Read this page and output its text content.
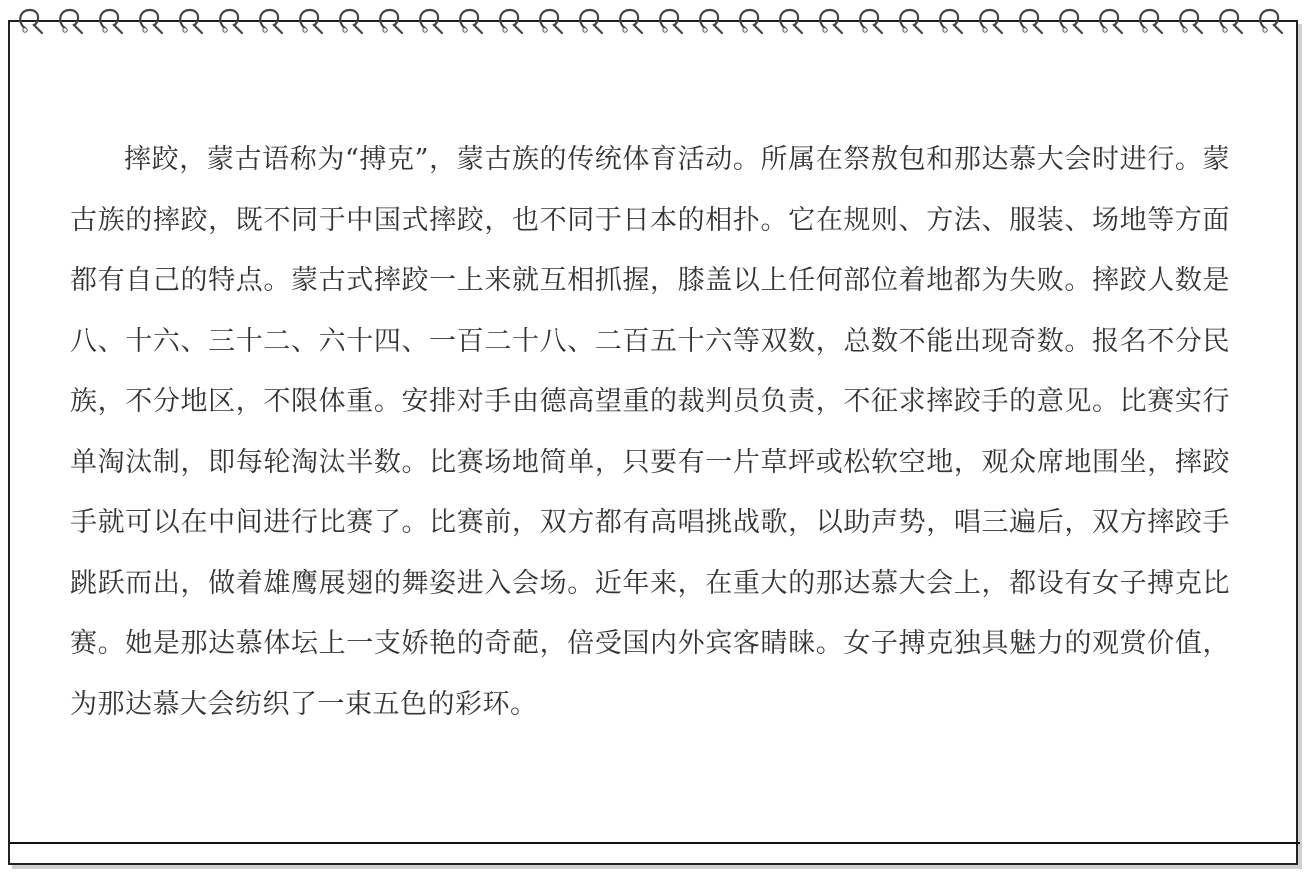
摔跤，蒙古语称为“搏克”，蒙古族的传统体育活动。所属在祭敖包和那达慕大会时进行。蒙古族的摔跤，既不同于中国式摔跤，也不同于日本的相扑。它在规则、方法、服装、场地等方面都有自己的特点。蒙古式摔跤一上来就互相抓握，膝盖以上任何部位着地都为失败。摔跤人数是八、十六、三十二、六十四、一百二十八、二百五十六等双数，总数不能出现奇数。报名不分民族，不分地区，不限体重。安排对手由德高望重的裁判员负责，不征求摔跤手的意见。比赛实行单淘汰制，即每轮淘汰半数。比赛场地简单，只要有一片草坪或松软空地，观众席地围坐，摔跤手就可以在中间进行比赛了。比赛前，双方都有高唱挑战歌，以助声势，唱三遍后，双方摔跤手跳跃而出，做着雄鹰展翅的舞姿进入会场。近年来，在重大的那达慕大会上，都设有女子搏克比赛。她是那达慕体坛上一支娇艳的奇葩，倍受国内外宾客睛睐。女子搏克独具魅力的观赏价值，为那达慕大会纺织了一束五色的彩环。
